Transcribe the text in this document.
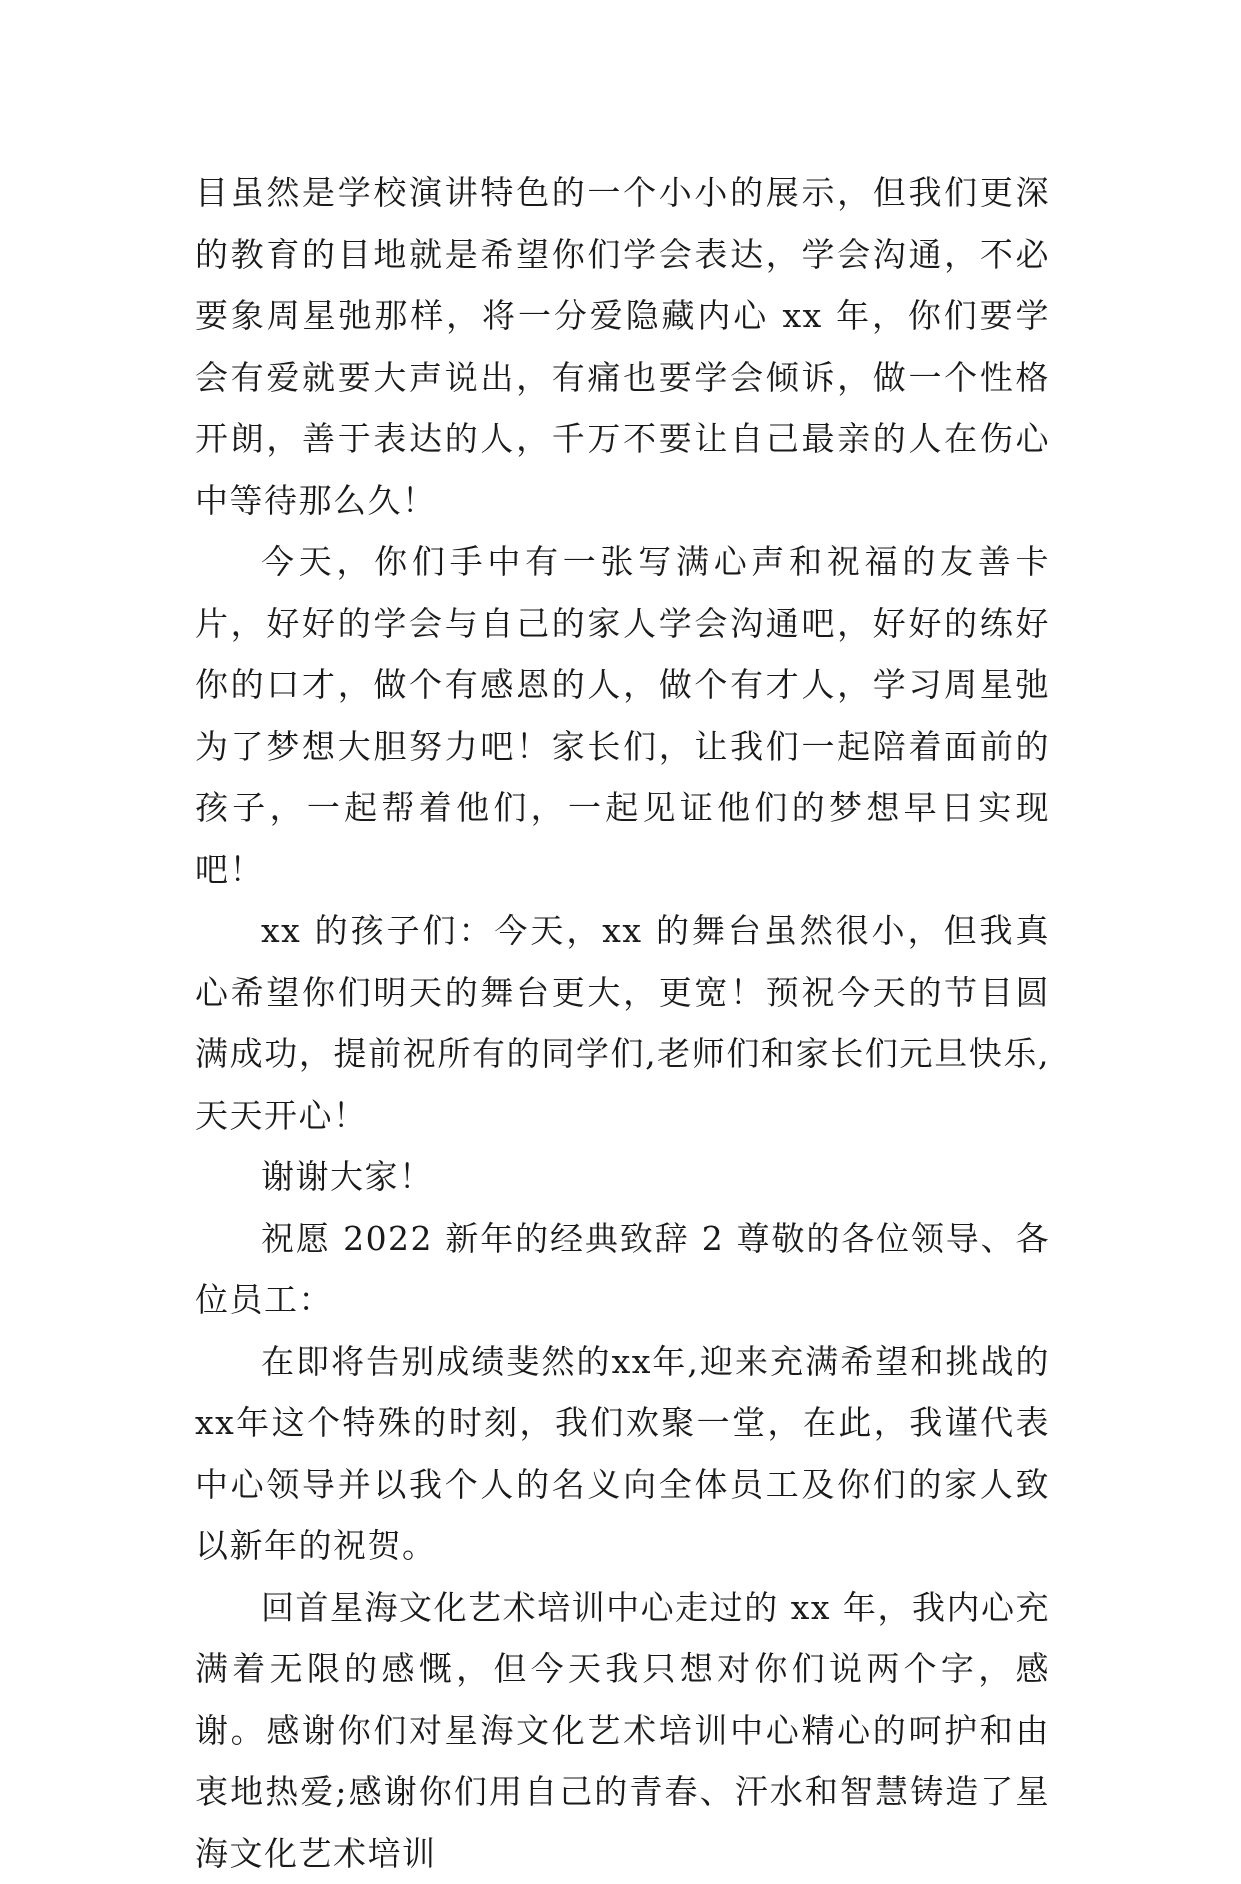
目虽然是学校演讲特色的一个小小的展示，但我们更深的教育的目地就是希望你们学会表达，学会沟通，不必要象周星弛那样，将一分爱隐藏内心 xx 年，你们要学会有爱就要大声说出，有痛也要学会倾诉，做一个性格开朗，善于表达的人，千万不要让自己最亲的人在伤心中等待那么久！

今天，你们手中有一张写满心声和祝福的友善卡片，好好的学会与自己的家人学会沟通吧，好好的练好你的口才，做个有感恩的人，做个有才人，学习周星弛为了梦想大胆努力吧！家长们，让我们一起陪着面前的孩子，一起帮着他们，一起见证他们的梦想早日实现吧！

xx 的孩子们：今天，xx 的舞台虽然很小，但我真心希望你们明天的舞台更大，更宽！预祝今天的节目圆满成功，提前祝所有的同学们,老师们和家长们元旦快乐,天天开心！

谢谢大家！

祝愿 2022 新年的经典致辞 2 尊敬的各位领导、各位员工：

在即将告别成绩斐然的xx年,迎来充满希望和挑战的xx年这个特殊的时刻，我们欢聚一堂，在此，我谨代表中心领导并以我个人的名义向全体员工及你们的家人致以新年的祝贺。

回首星海文化艺术培训中心走过的 xx 年，我内心充满着无限的感慨，但今天我只想对你们说两个字，感谢。感谢你们对星海文化艺术培训中心精心的呵护和由衷地热爱;感谢你们用自己的青春、汗水和智慧铸造了星海文化艺术培训
